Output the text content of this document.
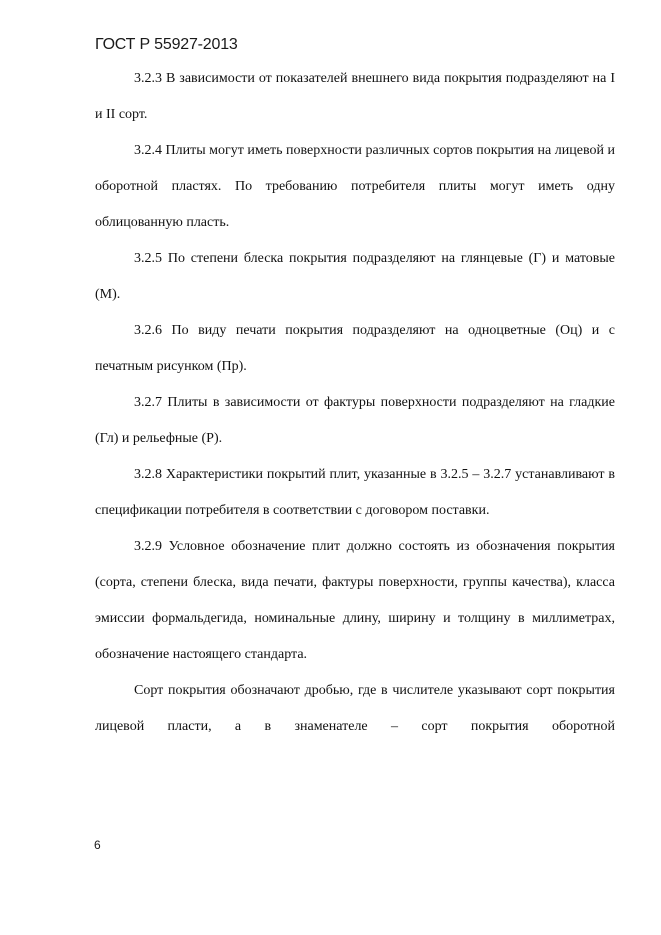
ГОСТ Р 55927-2013

3.2.3 В зависимости от показателей внешнего вида покрытия подразделяют на I и II сорт.

3.2.4 Плиты могут иметь поверхности различных сортов покрытия на лицевой и оборотной пластях. По требованию потребителя плиты могут иметь одну облицованную пласть.

3.2.5 По степени блеска покрытия подразделяют на глянцевые (Г) и матовые (М).

3.2.6 По виду печати покрытия подразделяют на одноцветные (Оц) и с печатным рисунком (Пр).

3.2.7 Плиты в зависимости от фактуры поверхности подразделяют на гладкие (Гл) и рельефные (Р).

3.2.8 Характеристики покрытий плит, указанные в 3.2.5 – 3.2.7 устанавливают в спецификации потребителя в соответствии с договором поставки.

3.2.9 Условное обозначение плит должно состоять из обозначения покрытия (сорта, степени блеска, вида печати, фактуры поверхности, группы качества), класса эмиссии формальдегида, номинальные длину, ширину и толщину в миллиметрах, обозначение настоящего стандарта.

Сорт покрытия обозначают дробью, где в числителе указывают сорт покрытия лицевой пласти, а в знаменателе – сорт покрытия оборотной

6
